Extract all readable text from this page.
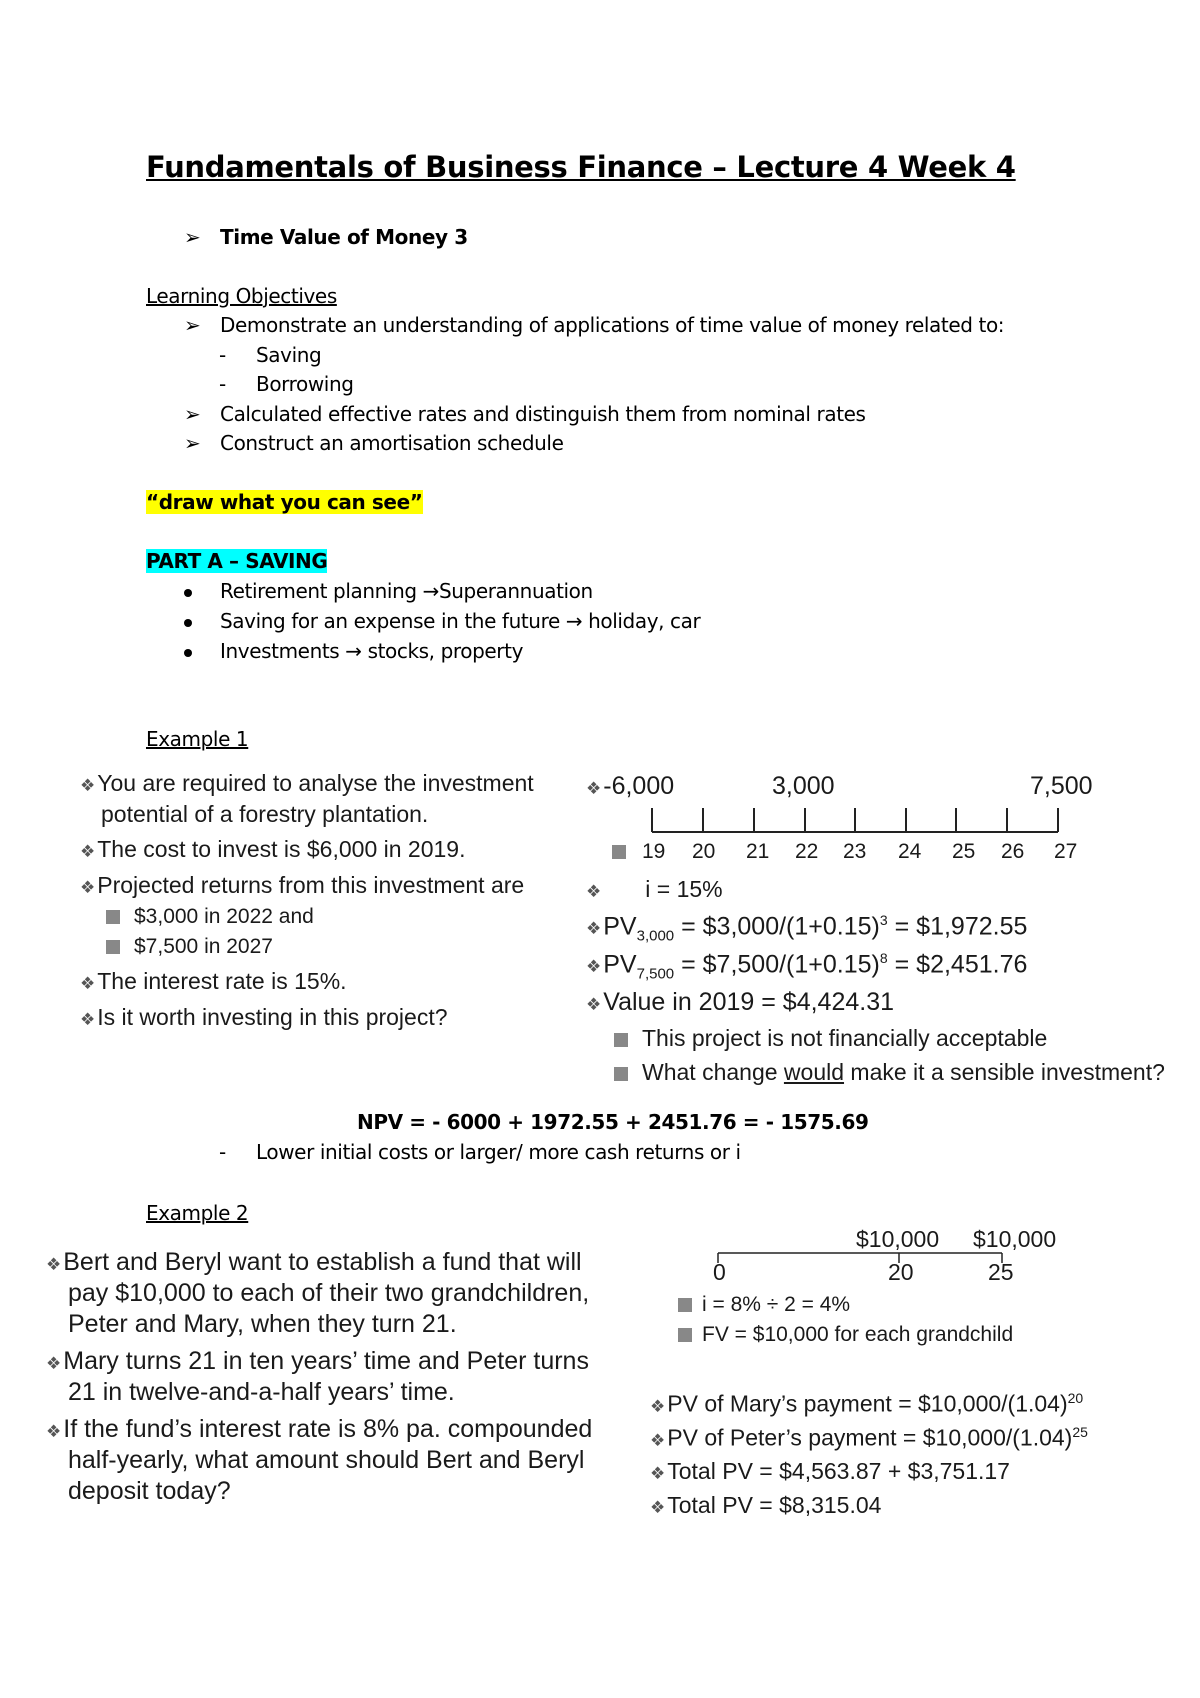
Fundamentals of Business Finance – Lecture 4 Week 4
➢ Time Value of Money 3
Learning Objectives
➢ Demonstrate an understanding of applications of time value of money related to:
- Saving
- Borrowing
➢ Calculated effective rates and distinguish them from nominal rates
➢ Construct an amortisation schedule
“draw what you can see”
PART A – SAVING
Retirement planning →Superannuation
Saving for an expense in the future → holiday, car
Investments → stocks, property
Example 1
❖You are required to analyse the investment
potential of a forestry plantation.
❖The cost to invest is $6,000 in 2019.
❖Projected returns from this investment are
$3,000 in 2022 and
$7,500 in 2027
❖The interest rate is 15%.
❖Is it worth investing in this project?
❖-6,000	3,000	7,500
19 20 21 22 23 24 25 26 27
❖ i = 15%
$❖PV_{3,000}$ = $\$3,000/(1+0.15)^3$ = $1,972.55
$❖PV_{7,500}$ = $\$7,500/(1+0.15)^8$ = $2,451.76
❖Value in 2019 = $4,424.31
This project is not financially acceptable
What change would make it a sensible investment?
NPV = - 6000 + 1972.55 + 2451.76 = - 1575.69
- Lower initial costs or larger/ more cash returns or i
Example 2
❖Bert and Beryl want to establish a fund that will
pay $10,000 to each of their two grandchildren,
Peter and Mary, when they turn 21.
❖Mary turns 21 in ten years’ time and Peter turns
21 in twelve-and-a-half years’ time.
❖If the fund’s interest rate is 8% pa. compounded
half-yearly, what amount should Bert and Beryl
deposit today?
$10,000 $10,000
0	20	25
i = 8% ÷ 2 = 4%
FV = $10,000 for each grandchild
❖PV of Mary’s payment = $\$10,000/(1.04)^{20}$
❖PV of Peter’s payment = $\$10,000/(1.04)^{25}$
❖Total PV = $4,563.87 + $3,751.17
❖Total PV = $8,315.04
